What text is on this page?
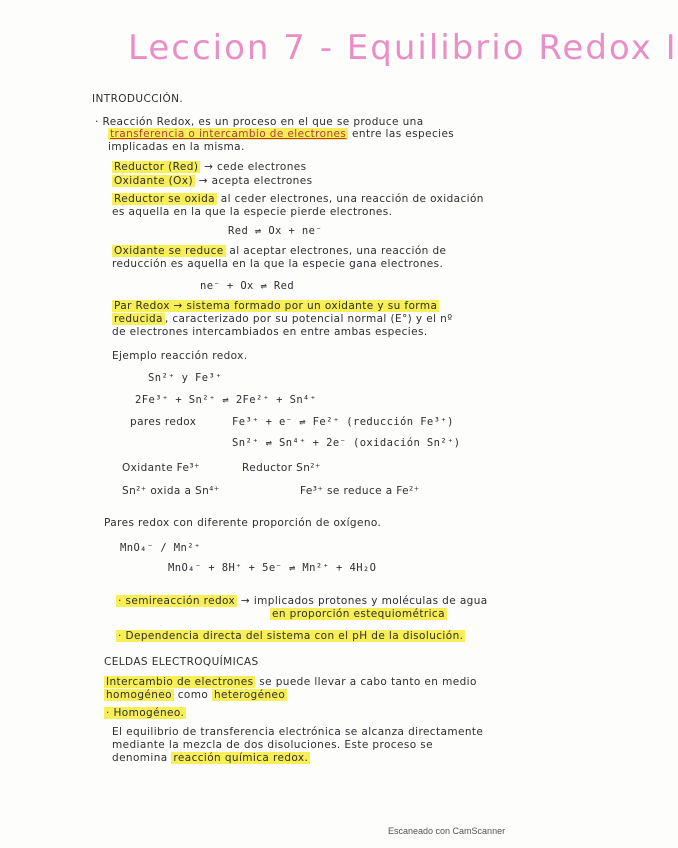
Leccion 7 - Equilibrio Redox I
INTRODUCCIÓN.
· Reacción Redox, es un proceso en el que se produce una
transferencia o intercambio de electrones entre las especies
implicadas en la misma.
Reductor (Red) → cede electrones
Oxidante (Ox) → acepta electrones
Reductor se oxida al ceder electrones, una reacción de oxidación
es aquella en la que la especie pierde electrones.
Red ⇌ Ox + ne⁻
Oxidante se reduce al aceptar electrones, una reacción de
reducción es aquella en la que la especie gana electrones.
ne⁻ + Ox ⇌ Red
Par Redox → sistema formado por un oxidante y su forma
reducida , caracterizado por su potencial normal (E°) y el nº
de electrones intercambiados en entre ambas especies.
Ejemplo reacción redox.
Sn²⁺ y Fe³⁺
2Fe³⁺ + Sn²⁺ ⇌ 2Fe²⁺ + Sn⁴⁺
pares redox	Fe³⁺ + e⁻ ⇌ Fe²⁺ (reducción Fe³⁺)
Sn²⁺ ⇌ Sn⁴⁺ + 2e⁻ (oxidación Sn²⁺)
Oxidante Fe³⁺	Reductor Sn²⁺
Sn²⁺ oxida a Sn⁴⁺	Fe³⁺ se reduce a Fe²⁺
Pares redox con diferente proporción de oxígeno.
MnO₄⁻ / Mn²⁺
MnO₄⁻ + 8H⁺ + 5e⁻ ⇌ Mn²⁺ + 4H₂O
· semireacción redox → implicados protones y moléculas de agua
en proporción estequiométrica
· Dependencia directa del sistema con el pH de la disolución.
CELDAS ELECTROQUÍMICAS
Intercambio de electrones se puede llevar a cabo tanto en medio
homogéneo como heterogéneo
· Homogéneo.
El equilibrio de transferencia electrónica se alcanza directamente
mediante la mezcla de dos disoluciones. Este proceso se
denomina reacción química redox.
Escaneado con CamScanner
